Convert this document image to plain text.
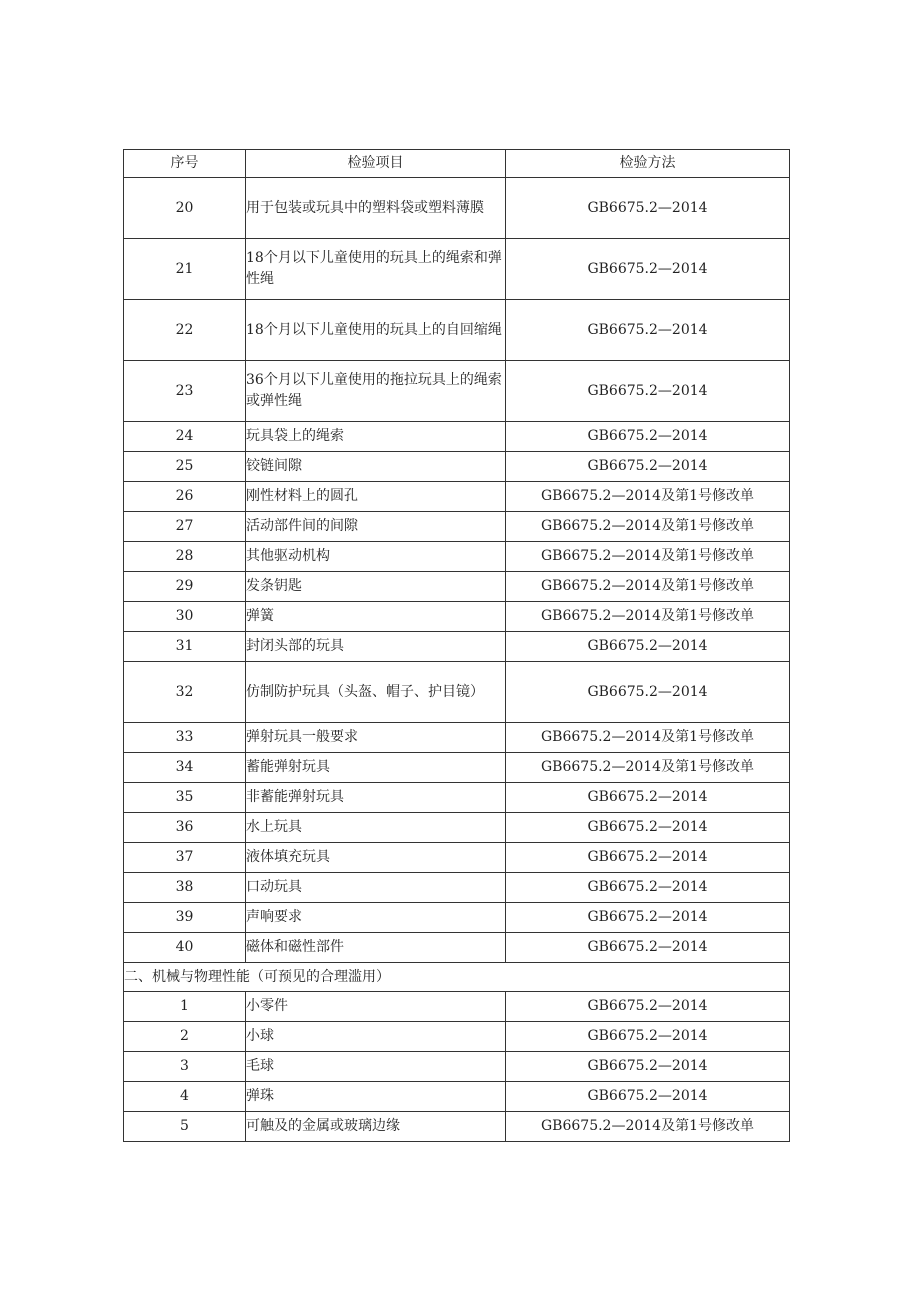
序号	检验项目	检验方法
20	用于包装或玩具中的塑料袋或塑料薄膜	GB6675.2—2014
21	18个月以下儿童使用的玩具上的绳索和弹性绳	GB6675.2—2014
22	18个月以下儿童使用的玩具上的自回缩绳	GB6675.2—2014
23	36个月以下儿童使用的拖拉玩具上的绳索或弹性绳	GB6675.2—2014
24	玩具袋上的绳索	GB6675.2—2014
25	铰链间隙	GB6675.2—2014
26	刚性材料上的圆孔	GB6675.2—2014及第1号修改单
27	活动部件间的间隙	GB6675.2—2014及第1号修改单
28	其他驱动机构	GB6675.2—2014及第1号修改单
29	发条钥匙	GB6675.2—2014及第1号修改单
30	弹簧	GB6675.2—2014及第1号修改单
31	封闭头部的玩具	GB6675.2—2014
32	仿制防护玩具（头盔、帽子、护目镜）	GB6675.2—2014
33	弹射玩具一般要求	GB6675.2—2014及第1号修改单
34	蓄能弹射玩具	GB6675.2—2014及第1号修改单
35	非蓄能弹射玩具	GB6675.2—2014
36	水上玩具	GB6675.2—2014
37	液体填充玩具	GB6675.2—2014
38	口动玩具	GB6675.2—2014
39	声响要求	GB6675.2—2014
40	磁体和磁性部件	GB6675.2—2014
二、机械与物理性能（可预见的合理滥用）		
1	小零件	GB6675.2—2014
2	小球	GB6675.2—2014
3	毛球	GB6675.2—2014
4	弹珠	GB6675.2—2014
5	可触及的金属或玻璃边缘	GB6675.2—2014及第1号修改单
